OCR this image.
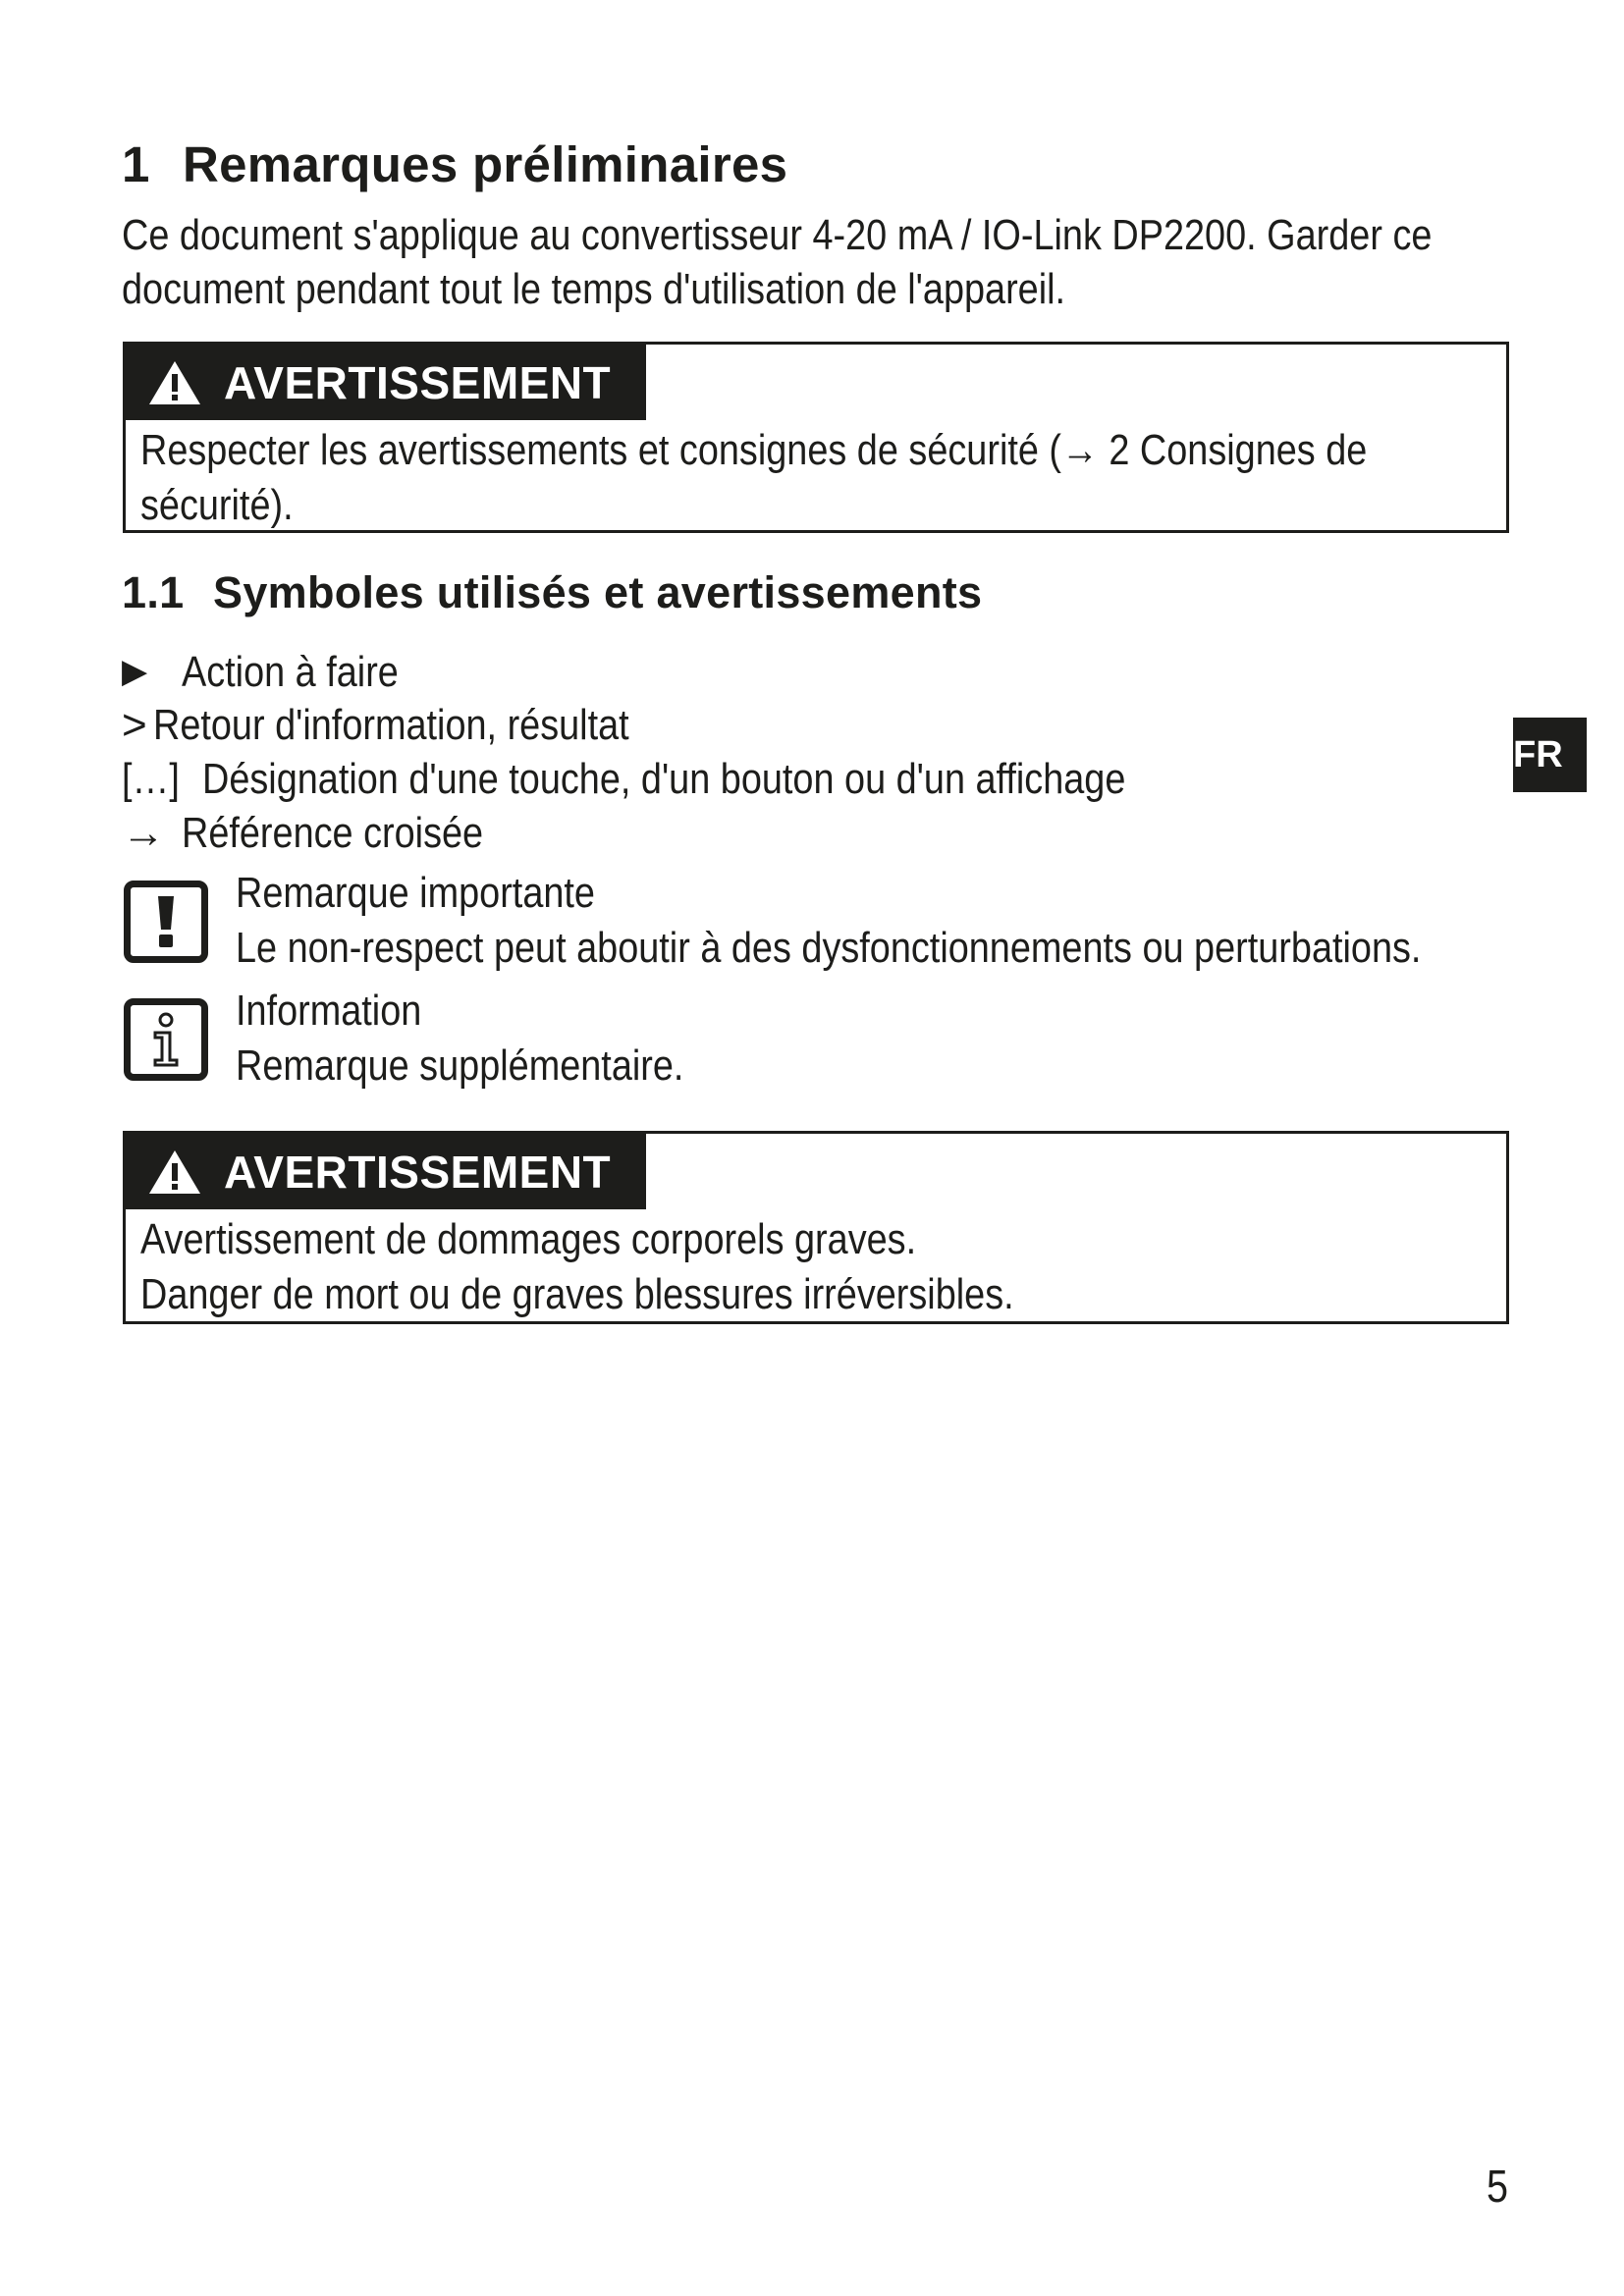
1 Remarques préliminaires
Ce document s'applique au convertisseur 4-20 mA / IO-Link DP2200. Garder ce
document pendant tout le temps d'utilisation de l'appareil.
AVERTISSEMENT
Respecter les avertissements et consignes de sécurité (→ 2 Consignes de
sécurité).
1.1 Symboles utilisés et avertissements
▶ Action à faire
> Retour d'information, résultat
[…] Désignation d'une touche, d'un bouton ou d'un affichage
→ Référence croisée
Remarque importante
Le non-respect peut aboutir à des dysfonctionnements ou perturbations.
Information
Remarque supplémentaire.
AVERTISSEMENT
Avertissement de dommages corporels graves.
Danger de mort ou de graves blessures irréversibles.
FR
5
